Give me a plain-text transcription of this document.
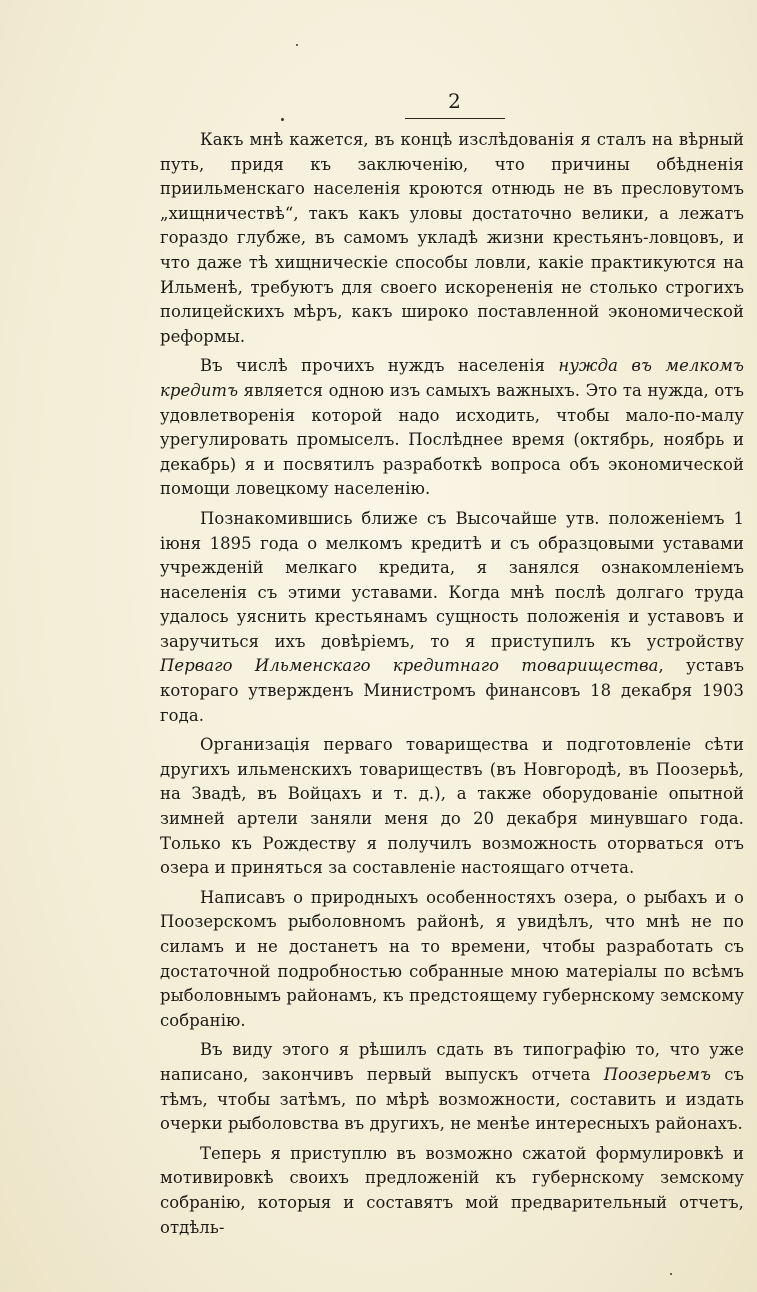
2

Какъ мнѣ кажется, въ концѣ изслѣдованія я сталъ на вѣрный путь, придя къ заключенію, что причины обѣдненія приильменскаго населенія кроются отнюдь не въ пресловутомъ „хищничествѣ“, такъ какъ уловы достаточно велики, а лежатъ гораздо глубже, въ самомъ укладѣ жизни крестьянъ-ловцовъ, и что даже тѣ хищническіе способы ловли, какіе практикуются на Ильменѣ, требуютъ для своего искорененія не столько строгихъ полицейскихъ мѣръ, какъ широко поставленной экономической реформы.

Въ числѣ прочихъ нуждъ населенія нужда въ мелкомъ кредитъ является одною изъ самыхъ важныхъ. Это та нужда, отъ удовлетворенія которой надо исходить, чтобы мало-по-малу урегулировать промыселъ. Послѣднее время (октябрь, ноябрь и декабрь) я и посвятилъ разработкѣ вопроса объ экономической помощи ловецкому населенію.

Познакомившись ближе съ Высочайше утв. положеніемъ 1 іюня 1895 года о мелкомъ кредитѣ и съ образцовыми уставами учрежденій мелкаго кредита, я занялся ознакомленіемъ населенія съ этими уставами. Когда мнѣ послѣ долгаго труда удалось уяснить крестьянамъ сущность положенія и уставовъ и заручиться ихъ довѣріемъ, то я приступилъ къ устройству Перваго Ильменскаго кредитнаго товарищества, уставъ котораго утвержденъ Министромъ финансовъ 18 декабря 1903 года.

Организація перваго товарищества и подготовленіе сѣти другихъ ильменскихъ товариществъ (въ Новгородѣ, въ Поозерьѣ, на Звадѣ, въ Войцахъ и т. д.), а также оборудованіе опытной зимней артели заняли меня до 20 декабря минувшаго года. Только къ Рождеству я получилъ возможность оторваться отъ озера и приняться за составленіе настоящаго отчета.

Написавъ о природныхъ особенностяхъ озера, о рыбахъ и о Поозерскомъ рыболовномъ районѣ, я увидѣлъ, что мнѣ не по силамъ и не достанетъ на то времени, чтобы разработать съ достаточной подробностью собранные мною матеріалы по всѣмъ рыболовнымъ районамъ, къ предстоящему губернскому земскому собранію.

Въ виду этого я рѣшилъ сдать въ типографію то, что уже написано, закончивъ первый выпускъ отчета Поозерьемъ съ тѣмъ, чтобы затѣмъ, по мѣрѣ возможности, составить и издать очерки рыболовства въ другихъ, не менѣе интересныхъ районахъ.

Теперь я приступлю въ возможно сжатой формулировкѣ и мотивировкѣ своихъ предложеній къ губернскому земскому собранію, которыя и составятъ мой предварительный отчетъ, отдѣль-
